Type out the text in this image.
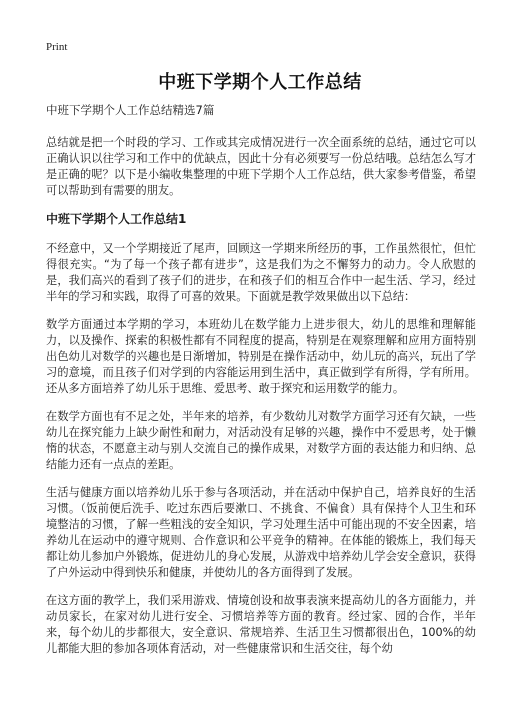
Print
中班下学期个人工作总结
中班下学期个人工作总结精选7篇

总结就是把一个时段的学习、工作或其完成情况进行一次全面系统的总结，通过它可以正确认识以往学习和工作中的优缺点，因此十分有必须要写一份总结哦。总结怎么写才是正确的呢？以下是小编收集整理的中班下学期个人工作总结，供大家参考借鉴，希望可以帮助到有需要的朋友。

中班下学期个人工作总结1

不经意中，又一个学期接近了尾声，回顾这一学期来所经历的事，工作虽然很忙，但忙得很充实。“为了每一个孩子都有进步”，这是我们为之不懈努力的动力。令人欣慰的是，我们高兴的看到了孩子们的进步，在和孩子们的相互合作中一起生活、学习，经过半年的学习和实践，取得了可喜的效果。下面就是教学效果做出以下总结：

数学方面通过本学期的学习，本班幼儿在数学能力上进步很大，幼儿的思维和理解能力，以及操作、探索的积极性都有不同程度的提高，特别是在观察理解和应用方面特别出色幼儿对数学的兴趣也是日渐增加，特别是在操作活动中，幼儿玩的高兴，玩出了学习的意境，而且孩子们对学到的内容能运用到生活中，真正做到学有所得，学有所用。还从多方面培养了幼儿乐于思维、爱思考、敢于探究和运用数学的能力。

在数学方面也有不足之处，半年来的培养，有少数幼儿对数学方面学习还有欠缺，一些幼儿在探究能力上缺少耐性和耐力，对活动没有足够的兴趣，操作中不爱思考，处于懒惰的状态，不愿意主动与别人交流自己的操作成果，对数学方面的表达能力和归纳、总结能力还有一点点的差距。

生活与健康方面以培养幼儿乐于参与各项活动，并在活动中保护自己，培养良好的生活习惯。（饭前便后洗手、吃过东西后要漱口、不挑食、不偏食）具有保持个人卫生和环境整洁的习惯，了解一些粗浅的安全知识，学习处理生活中可能出现的不安全因素，培养幼儿在运动中的遵守规则、合作意识和公平竞争的精神。在体能的锻炼上，我们每天都让幼儿参加户外锻炼，促进幼儿的身心发展，从游戏中培养幼儿学会安全意识，获得了户外运动中得到快乐和健康，并使幼儿的各方面得到了发展。

在这方面的教学上，我们采用游戏、情境创设和故事表演来提高幼儿的各方面能力，并动员家长，在家对幼儿进行安全、习惯培养等方面的教育。经过家、园的合作，半年来，每个幼儿的步都很大，安全意识、常规培养、生活卫生习惯都很出色，100%的幼儿都能大胆的参加各项体育活动，对一些健康常识和生活交往，每个幼
